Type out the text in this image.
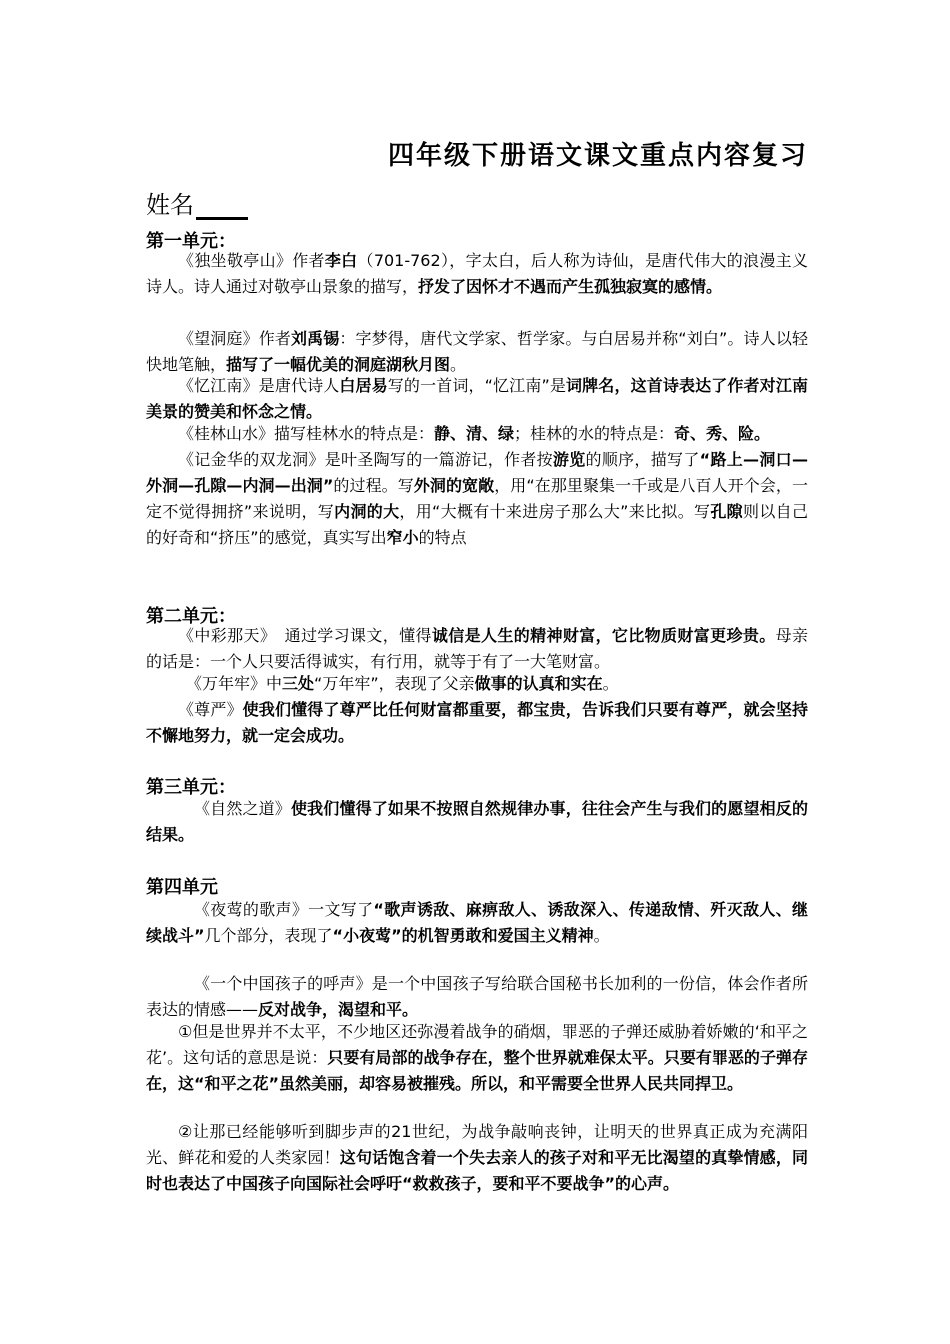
四年级下册语文课文重点内容复习
姓名
第一单元：
《独坐敬亭山》作者李白（701-762），字太白，后人称为诗仙，是唐代伟大的浪漫主义诗人。诗人通过对敬亭山景象的描写，抒发了因怀才不遇而产生孤独寂寞的感情。
《望洞庭》作者刘禹锡：字梦得，唐代文学家、哲学家。与白居易并称“刘白”。诗人以轻快地笔触，描写了一幅优美的洞庭湖秋月图。
《忆江南》是唐代诗人白居易写的一首词，“忆江南”是词牌名，这首诗表达了作者对江南美景的赞美和怀念之情。
《桂林山水》描写桂林水的特点是：静、清、绿；桂林的水的特点是：奇、秀、险。
《记金华的双龙洞》是叶圣陶写的一篇游记，作者按游览的顺序，描写了“路上—洞口—外洞—孔隙—内洞—出洞”的过程。写外洞的宽敞，用“在那里聚集一千或是八百人开个会，一定不觉得拥挤”来说明，写内洞的大，用“大概有十来进房子那么大”来比拟。写孔隙则以自己的好奇和“挤压”的感觉，真实写出窄小的特点
第二单元：
《中彩那天》　通过学习课文，懂得诚信是人生的精神财富，它比物质财富更珍贵。母亲的话是：一个人只要活得诚实，有行用，就等于有了一大笔财富。
　《万年牢》中三处“万年牢”，表现了父亲做事的认真和实在。
《尊严》使我们懂得了尊严比任何财富都重要，都宝贵，告诉我们只要有尊严，就会坚持不懈地努力，就一定会成功。
第三单元：
《自然之道》使我们懂得了如果不按照自然规律办事，往往会产生与我们的愿望相反的结果。
第四单元
《夜莺的歌声》一文写了“歌声诱敌、麻痹敌人、诱敌深入、传递敌情、歼灭敌人、继续战斗”几个部分，表现了“小夜莺”的机智勇敢和爱国主义精神。
《一个中国孩子的呼声》是一个中国孩子写给联合国秘书长加利的一份信，体会作者所表达的情感——反对战争，渴望和平。
①但是世界并不太平，不少地区还弥漫着战争的硝烟，罪恶的子弹还威胁着娇嫩的‘和平之花’。这句话的意思是说：只要有局部的战争存在，整个世界就难保太平。只要有罪恶的子弹存在，这“和平之花”虽然美丽，却容易被摧残。所以，和平需要全世界人民共同捍卫。
②让那已经能够听到脚步声的21世纪，为战争敲响丧钟，让明天的世界真正成为充满阳光、鲜花和爱的人类家园！这句话饱含着一个失去亲人的孩子对和平无比渴望的真挚情感，同时也表达了中国孩子向国际社会呼吁“救救孩子，要和平不要战争”的心声。
